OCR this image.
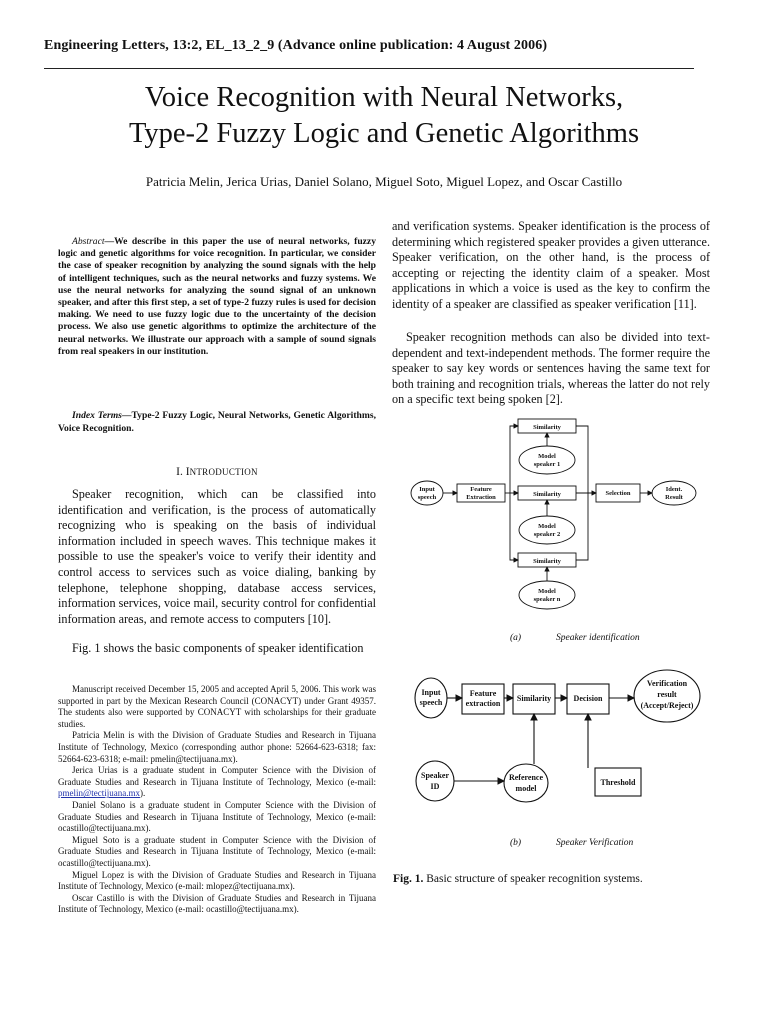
Engineering Letters, 13:2, EL_13_2_9 (Advance online publication: 4 August 2006)
Voice Recognition with Neural Networks,
Type-2 Fuzzy Logic and Genetic Algorithms
Patricia Melin, Jerica Urias, Daniel Solano, Miguel Soto, Miguel Lopez, and Oscar Castillo
Abstract—We describe in this paper the use of neural networks, fuzzy logic and genetic algorithms for voice recognition. In particular, we consider the case of speaker recognition by analyzing the sound signals with the help of intelligent techniques, such as the neural networks and fuzzy systems. We use the neural networks for analyzing the sound signal of an unknown speaker, and after this first step, a set of type-2 fuzzy rules is used for decision making. We need to use fuzzy logic due to the uncertainty of the decision process. We also use genetic algorithms to optimize the architecture of the neural networks. We illustrate our approach with a sample of sound signals from real speakers in our institution.
Index Terms—Type-2 Fuzzy Logic, Neural Networks, Genetic Algorithms, Voice Recognition.
I. INTRODUCTION
Speaker recognition, which can be classified into identification and verification, is the process of automatically recognizing who is speaking on the basis of individual information included in speech waves. This technique makes it possible to use the speaker's voice to verify their identity and control access to services such as voice dialing, banking by telephone, telephone shopping, database access services, information services, voice mail, security control for confidential information areas, and remote access to computers [10].
Fig. 1 shows the basic components of speaker identification

Manuscript received December 15, 2005 and accepted April 5, 2006. This work was supported in part by the Mexican Research Council (CONACYT) under Grant 49357. The students also were supported by CONACYT with scholarships for their graduate studies.

Patricia Melin is with the Division of Graduate Studies and Research in Tijuana Institute of Technology, Mexico (corresponding author phone: 52664-623-6318; fax: 52664-623-6318; e-mail: pmelin@tectijuana.mx).

Jerica Urias is a graduate student in Computer Science with the Division of Graduate Studies and Research in Tijuana Institute of Technology, Mexico (e-mail: pmelin@tectijuana.mx).

Daniel Solano is a graduate student in Computer Science with the Division of Graduate Studies and Research in Tijuana Institute of Technology, Mexico (e-mail: ocastillo@tectijuana.mx).

Miguel Soto is a graduate student in Computer Science with the Division of Graduate Studies and Research in Tijuana Institute of Technology, Mexico (e-mail: ocastillo@tectijuana.mx).

Miguel Lopez is with the Division of Graduate Studies and Research in Tijuana Institute of Technology, Mexico (e-mail: mlopez@tectijuana.mx).

Oscar Castillo is with the Division of Graduate Studies and Research in Tijuana Institute of Technology, Mexico (e-mail: ocastillo@tectijuana.mx).

and verification systems. Speaker identification is the process of determining which registered speaker provides a given utterance. Speaker verification, on the other hand, is the process of accepting or rejecting the identity claim of a speaker. Most applications in which a voice is used as the key to confirm the identity of a speaker are classified as speaker verification [11].
Speaker recognition methods can also be divided into text-dependent and text-independent methods. The former require the speaker to say key words or sentences having the same text for both training and recognition trials, whereas the latter do not rely on a specific text being spoken [2].
Input
speech
Feature
Extraction
Similarity
Similarity
Similarity
Model
speaker 1
Model
speaker 2
Model
speaker n
Selection
Ident.
Result
(a)	Speaker identification
Input
speech
Feature
extraction
Similarity	Decision
Verification
result
(Accept/Reject)
Speaker
ID
Reference
model
Threshold
(b)	Speaker Verification
Fig. 1. Basic structure of speaker recognition systems.
